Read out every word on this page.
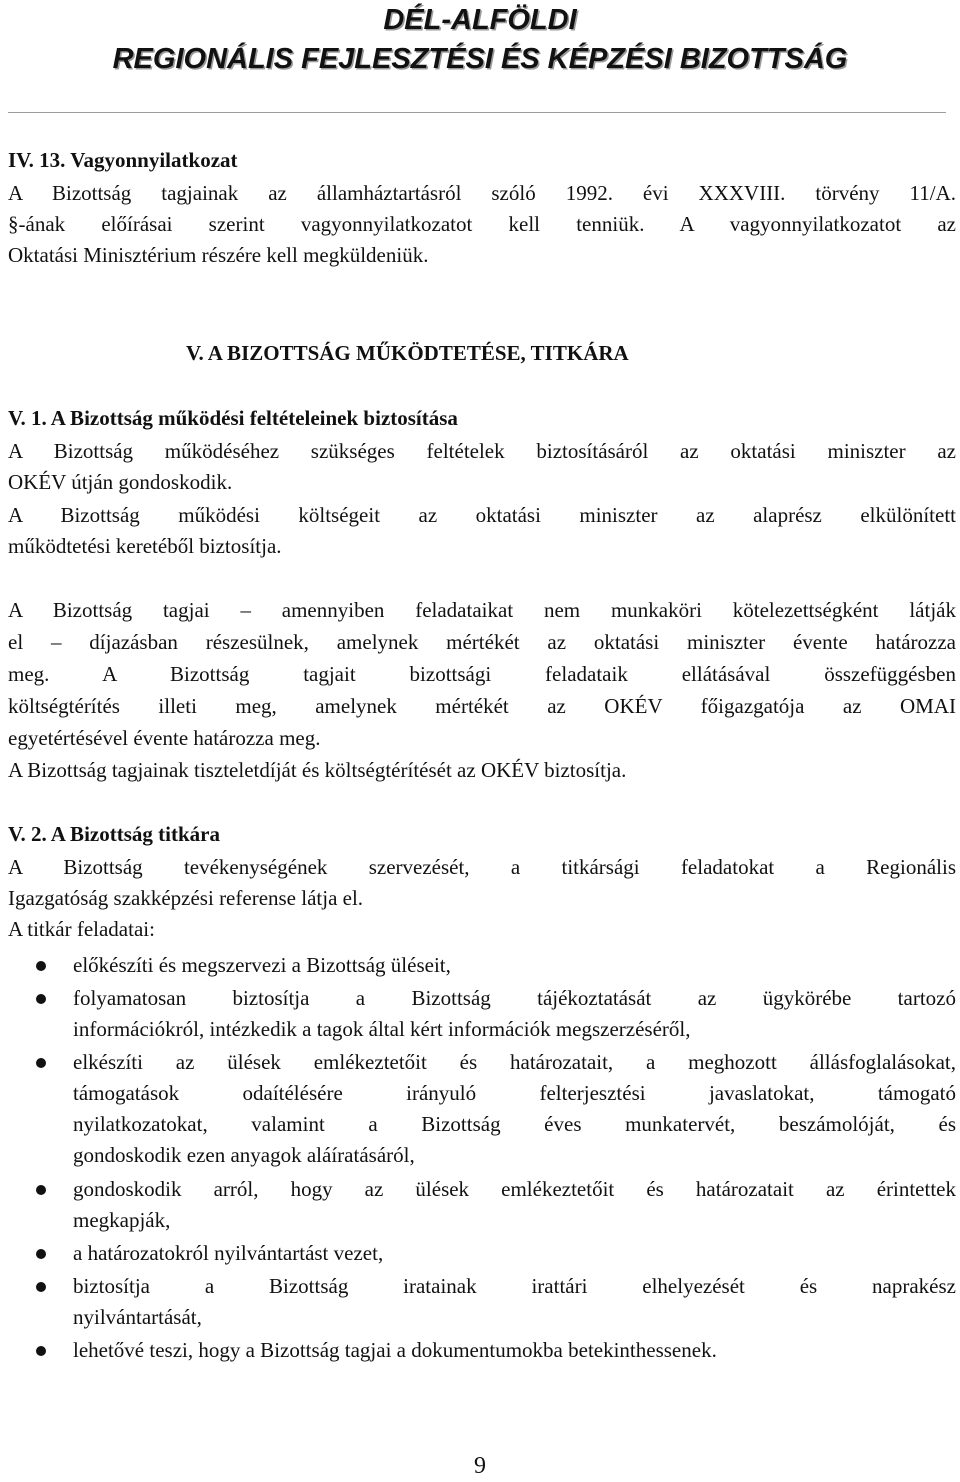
DÉL-ALFÖLDI
REGIONÁLIS FEJLESZTÉSI ÉS KÉPZÉSI BIZOTTSÁG
IV. 13. Vagyonnyilatkozat
A Bizottság tagjainak az államháztartásról szóló 1992. évi XXXVIII. törvény 11/A.
§-ának előírásai szerint vagyonnyilatkozatot kell tenniük. A vagyonnyilatkozatot az
Oktatási Minisztérium részére kell megküldeniük.
V. A BIZOTTSÁG MŰKÖDTETÉSE, TITKÁRA
V. 1. A Bizottság működési feltételeinek biztosítása
A Bizottság működéséhez szükséges feltételek biztosításáról az oktatási miniszter az
OKÉV útján gondoskodik.
A Bizottság működési költségeit az oktatási miniszter az alaprész elkülönített
működtetési keretéből biztosítja.
A Bizottság tagjai – amennyiben feladataikat nem munkaköri kötelezettségként látják
el – díjazásban részesülnek, amelynek mértékét az oktatási miniszter évente határozza
meg. A Bizottság tagjait bizottsági feladataik ellátásával összefüggésben
költségtérítés illeti meg, amelynek mértékét az OKÉV főigazgatója az OMAI
egyetértésével évente határozza meg.
A Bizottság tagjainak tiszteletdíját és költségtérítését az OKÉV biztosítja.
V. 2. A Bizottság titkára
A Bizottság tevékenységének szervezését, a titkársági feladatokat a Regionális
Igazgatóság szakképzési referense látja el.
A titkár feladatai:
előkészíti és megszervezi a Bizottság üléseit,
folyamatosan biztosítja a Bizottság tájékoztatását az ügykörébe tartozó
információkról, intézkedik a tagok által kért információk megszerzéséről,
elkészíti az ülések emlékeztetőit és határozatait, a meghozott állásfoglalásokat,
támogatások odaítélésére irányuló felterjesztési javaslatokat, támogató
nyilatkozatokat, valamint a Bizottság éves munkatervét, beszámolóját, és
gondoskodik ezen anyagok aláíratásáról,
gondoskodik arról, hogy az ülések emlékeztetőit és határozatait az érintettek
megkapják,
a határozatokról nyilvántartást vezet,
biztosítja a Bizottság iratainak irattári elhelyezését és naprakész
nyilvántartását,
lehetővé teszi, hogy a Bizottság tagjai a dokumentumokba betekinthessenek.
9
